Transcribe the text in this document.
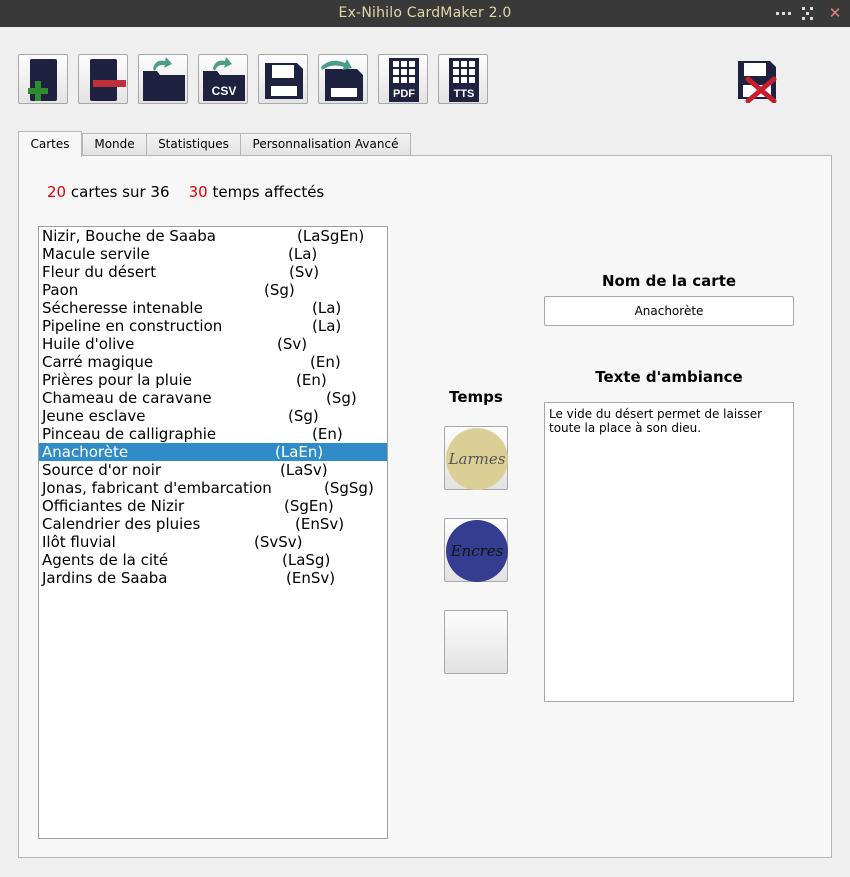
Ex-Nihilo CardMaker 2.0	✕
CSV	PDF	TTS
Cartes	Monde	Statistiques	Personnalisation Avancé
20 cartes sur 36 30 temps affectés
Nizir, Bouche de Saaba	(LaSgEn)
Macule servile	(La)
Fleur du désert	(Sv)
Paon	(Sg)
Sécheresse intenable	(La)
Pipeline en construction	(La)
Huile d'olive	(Sv)
Carré magique	(En)
Prières pour la pluie	(En)
Chameau de caravane	(Sg)
Jeune esclave	(Sg)
Pinceau de calligraphie	(En)
Anachorète	(LaEn)
Source d'or noir	(LaSv)
Jonas, fabricant d'embarcation	(SgSg)
Officiantes de Nizir	(SgEn)
Calendrier des pluies	(EnSv)
Ilôt fluvial	(SvSv)
Agents de la cité	(LaSg)
Jardins de Saaba	(EnSv)
Temps
Larmes
Encres
Nom de la carte
Anachorète
Texte d'ambiance
Le vide du désert permet de laisser
toute la place à son dieu.
